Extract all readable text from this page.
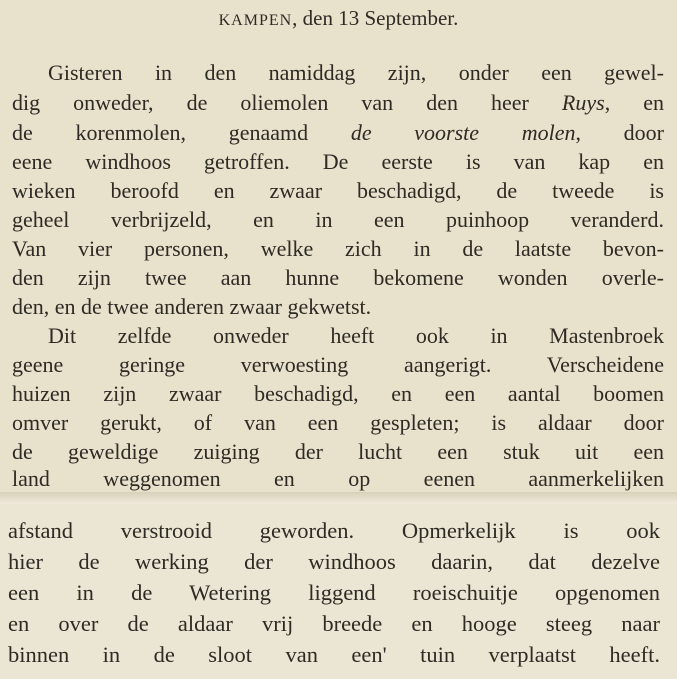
KAMPEN, den 13 September.
Gisteren in den namiddag zijn, onder een gewel-
dig onweder, de oliemolen van den heer Ruys, en
de korenmolen, genaamd de voorste molen, door
eene windhoos getroffen. De eerste is van kap en
wieken beroofd en zwaar beschadigd, de tweede is
geheel verbrijzeld, en in een puinhoop veranderd.
Van vier personen, welke zich in de laatste bevon-
den zijn twee aan hunne bekomene wonden overle-
den, en de twee anderen zwaar gekwetst.
Dit zelfde onweder heeft ook in Mastenbroek
geene geringe verwoesting aangerigt. Verscheidene
huizen zijn zwaar beschadigd, en een aantal boomen
omver gerukt, of van een gespleten; is aldaar door
de geweldige zuiging der lucht een stuk uit een
land weggenomen en op eenen aanmerkelijken
afstand verstrooid geworden. Opmerkelijk is ook
hier de werking der windhoos daarin, dat dezelve
een in de Wetering liggend roeischuitje opgenomen
en over de aldaar vrij breede en hooge steeg naar
binnen in de sloot van een' tuin verplaatst heeft.
